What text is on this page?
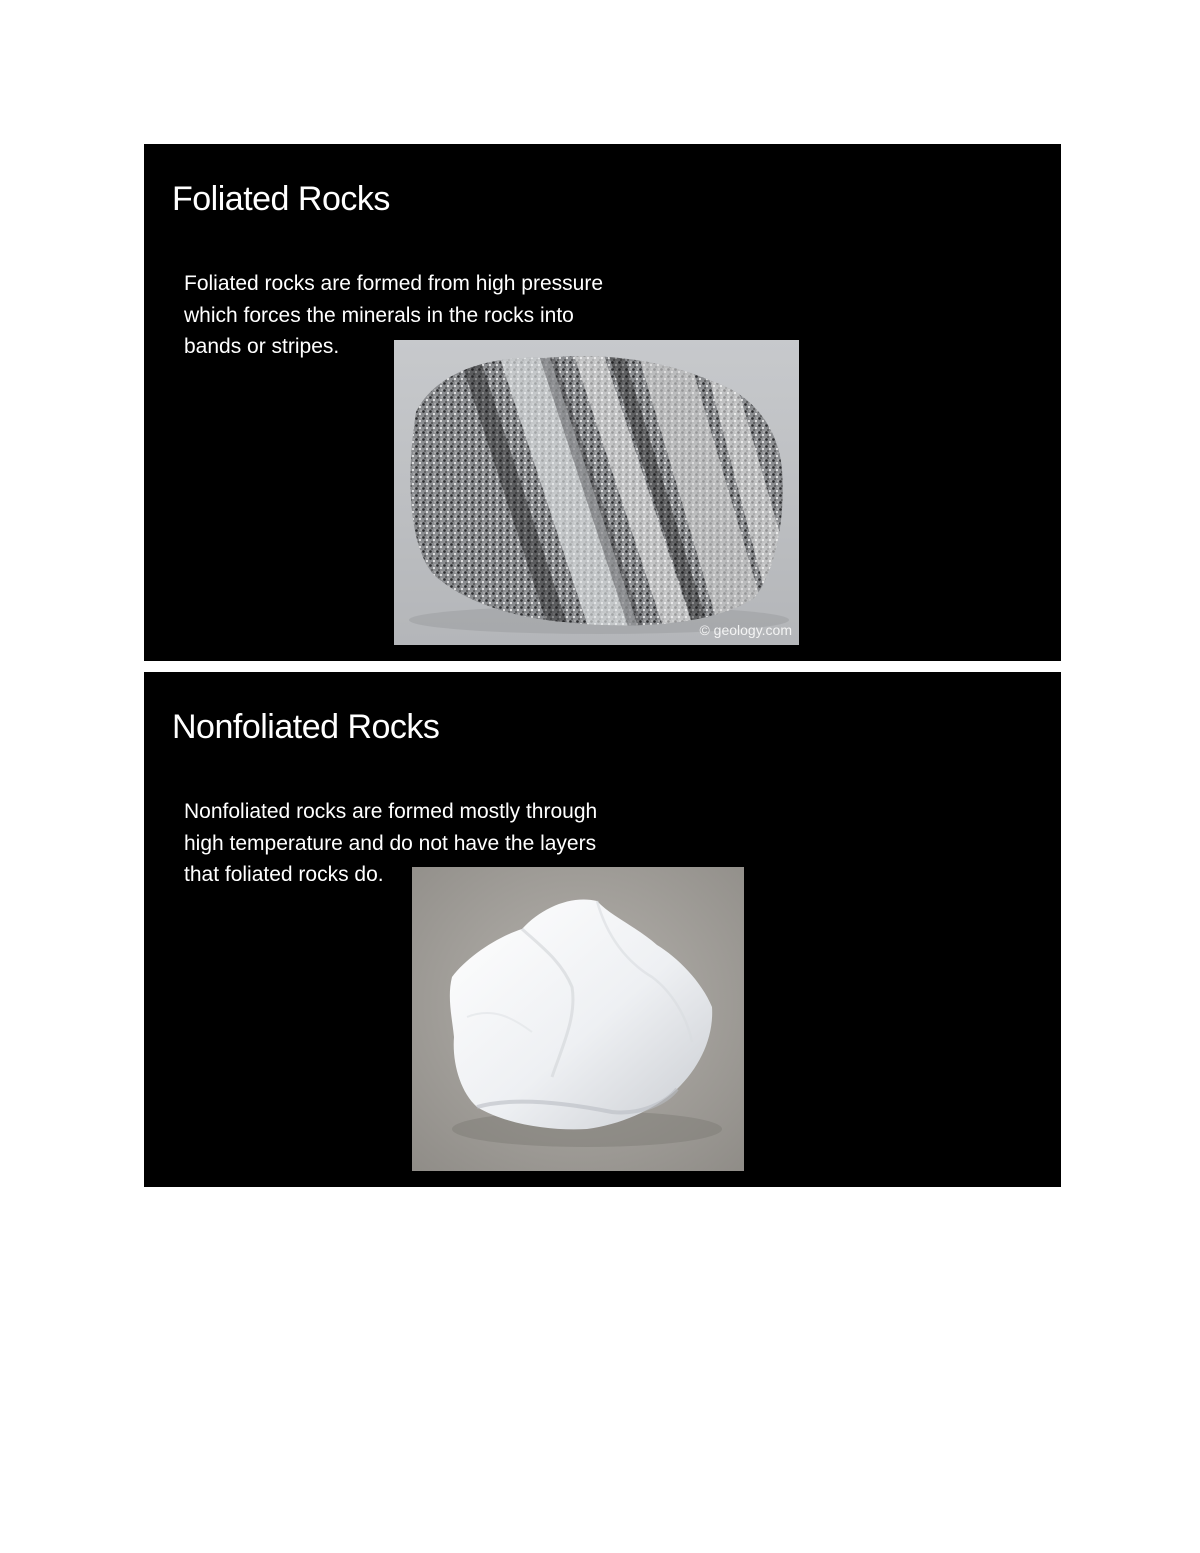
Foliated Rocks
Foliated rocks are formed from high pressure
which forces the minerals in the rocks into
bands or stripes.
© geology.com
Nonfoliated Rocks
Nonfoliated rocks are formed mostly through
high temperature and do not have the layers
that foliated rocks do.
